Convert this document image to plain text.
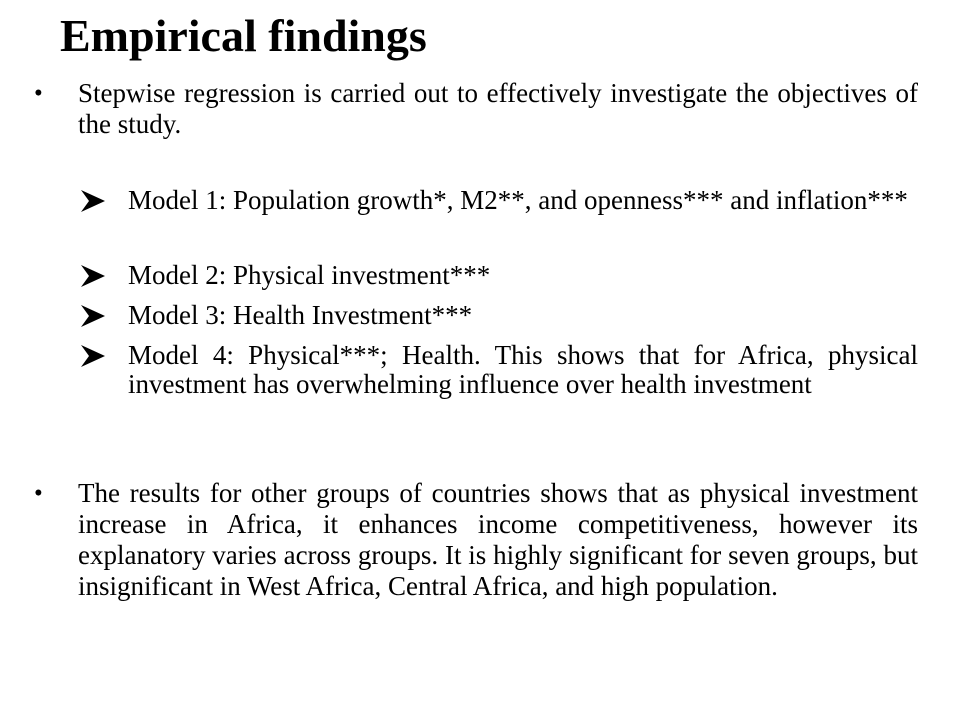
Empirical findings
•	Stepwise regression is carried out to effectively investigate the objectives of the study.
Model 1: Population growth*, M2**, and openness*** and inflation***
Model 2: Physical investment***
Model 3: Health Investment***
Model 4: Physical***; Health. This shows that for Africa, physical investment has overwhelming influence over health investment
•	The results for other groups of countries shows that as physical investment increase in Africa, it enhances income competitiveness, however its explanatory varies across groups. It is highly significant for seven groups, but insignificant in West Africa, Central Africa, and high population.
